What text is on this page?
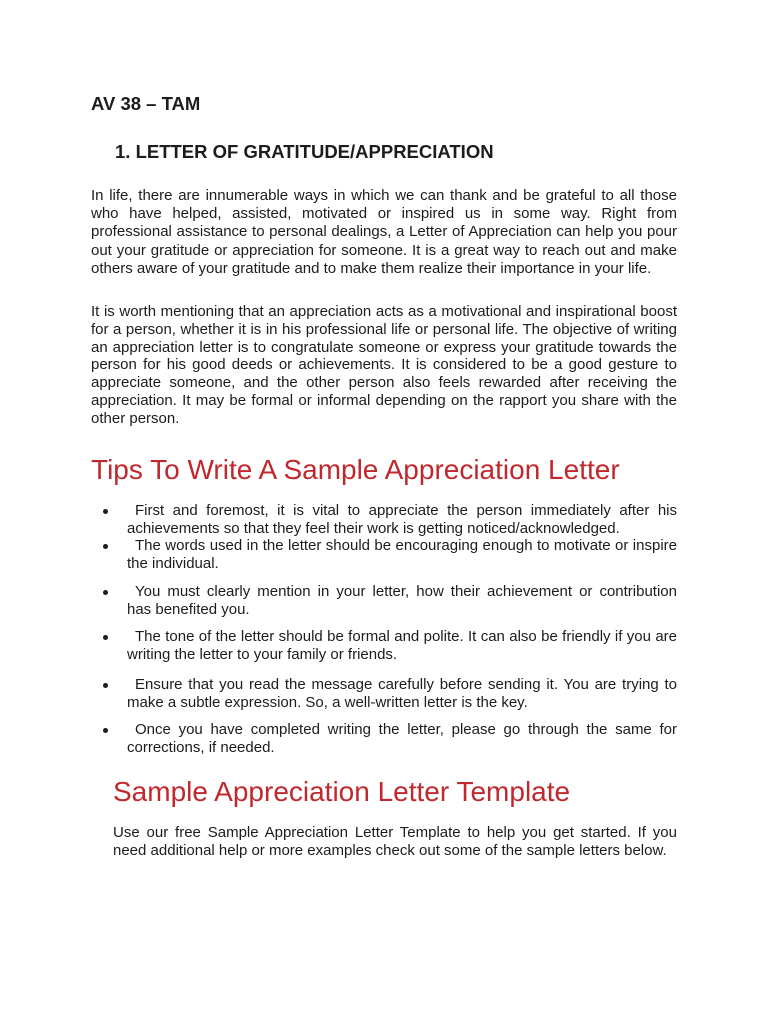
AV 38 – TAM
1. LETTER OF GRATITUDE/APPRECIATION
In life, there are innumerable ways in which we can thank and be grateful to all those
who have helped, assisted, motivated or inspired us in some way. Right from
professional assistance to personal dealings, a Letter of Appreciation can help you pour
out your gratitude or appreciation for someone. It is a great way to reach out and make
others aware of your gratitude and to make them realize their importance in your life.
It is worth mentioning that an appreciation acts as a motivational and inspirational boost
for a person, whether it is in his professional life or personal life. The objective of writing
an appreciation letter is to congratulate someone or express your gratitude towards the
person for his good deeds or achievements. It is considered to be a good gesture to
appreciate someone, and the other person also feels rewarded after receiving the
appreciation. It may be formal or informal depending on the rapport you share with the
other person.
Tips To Write A Sample Appreciation Letter
First and foremost, it is vital to appreciate the person immediately after his
achievements so that they feel their work is getting noticed/acknowledged.
The words used in the letter should be encouraging enough to motivate or inspire
the individual.
You must clearly mention in your letter, how their achievement or contribution
has benefited you.
The tone of the letter should be formal and polite. It can also be friendly if you are
writing the letter to your family or friends.
Ensure that you read the message carefully before sending it. You are trying to
make a subtle expression. So, a well-written letter is the key.
Once you have completed writing the letter, please go through the same for
corrections, if needed.
Sample Appreciation Letter Template
Use our free Sample Appreciation Letter Template to help you get started. If you
need additional help or more examples check out some of the sample letters below.
